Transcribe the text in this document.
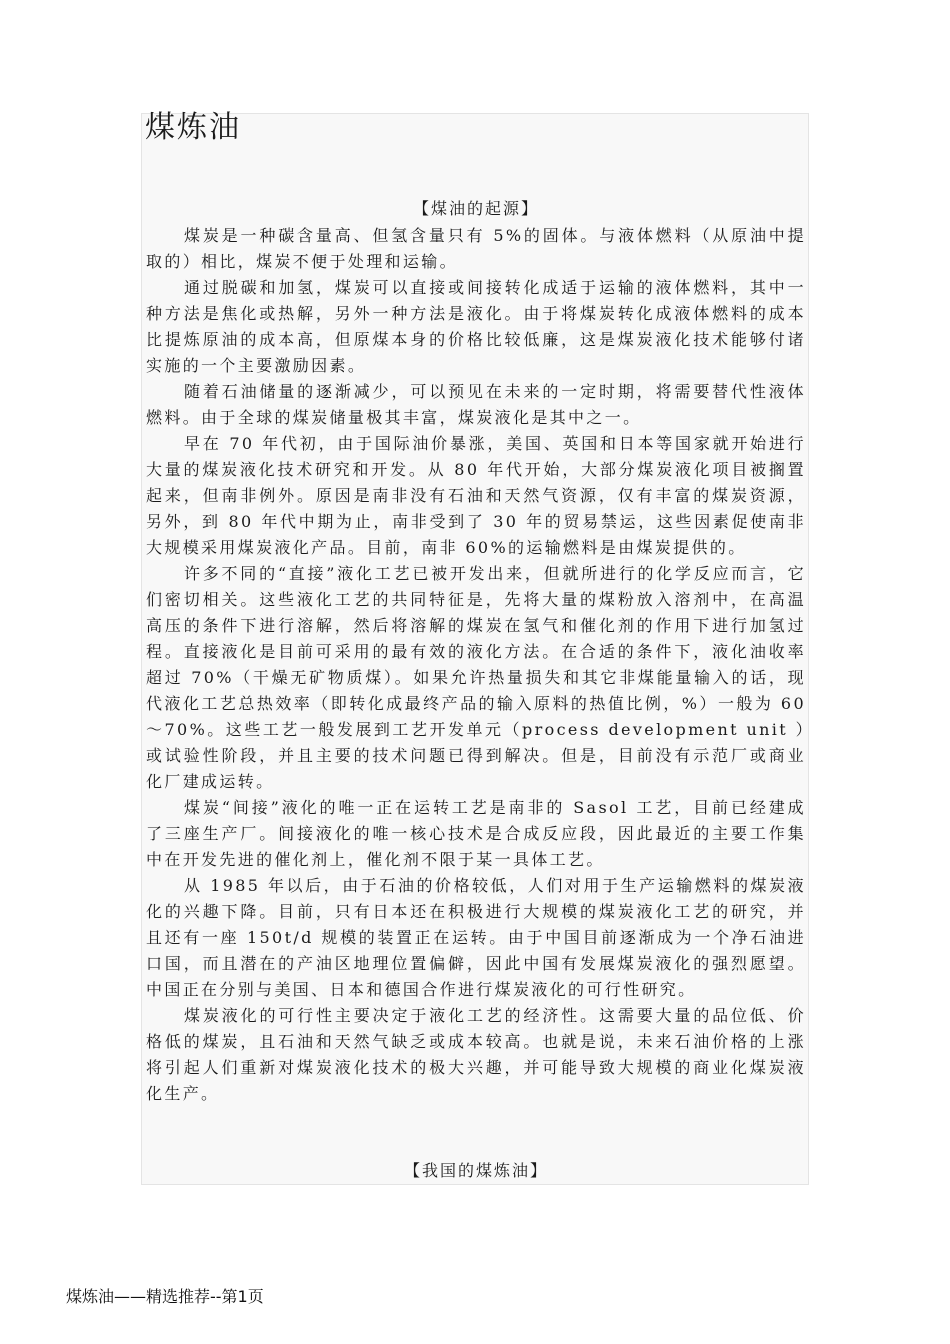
煤炼油
【煤油的起源】

煤炭是一种碳含量高、但氢含量只有 5%的固体。与液体燃料（从原油中提取的）相比，煤炭不便于处理和运输。

通过脱碳和加氢，煤炭可以直接或间接转化成适于运输的液体燃料，其中一种方法是焦化或热解，另外一种方法是液化。由于将煤炭转化成液体燃料的成本比提炼原油的成本高，但原煤本身的价格比较低廉，这是煤炭液化技术能够付诸实施的一个主要激励因素。

随着石油储量的逐渐减少，可以预见在未来的一定时期，将需要替代性液体燃料。由于全球的煤炭储量极其丰富，煤炭液化是其中之一。

早在 70 年代初，由于国际油价暴涨，美国、英国和日本等国家就开始进行大量的煤炭液化技术研究和开发。从 80 年代开始，大部分煤炭液化项目被搁置起来，但南非例外。原因是南非没有石油和天然气资源，仅有丰富的煤炭资源，另外，到 80 年代中期为止，南非受到了 30 年的贸易禁运，这些因素促使南非大规模采用煤炭液化产品。目前，南非 60%的运输燃料是由煤炭提供的。

许多不同的“直接”液化工艺已被开发出来，但就所进行的化学反应而言，它们密切相关。这些液化工艺的共同特征是，先将大量的煤粉放入溶剂中，在高温高压的条件下进行溶解，然后将溶解的煤炭在氢气和催化剂的作用下进行加氢过程。直接液化是目前可采用的最有效的液化方法。在合适的条件下，液化油收率超过 70%（干燥无矿物质煤）。如果允许热量损失和其它非煤能量输入的话，现代液化工艺总热效率（即转化成最终产品的输入原料的热值比例，%）一般为 60～70%。这些工艺一般发展到工艺开发单元（process development unit ）或试验性阶段，并且主要的技术问题已得到解决。但是，目前没有示范厂或商业化厂建成运转。

煤炭“间接”液化的唯一正在运转工艺是南非的 Sasol 工艺，目前已经建成了三座生产厂。间接液化的唯一核心技术是合成反应段，因此最近的主要工作集中在开发先进的催化剂上，催化剂不限于某一具体工艺。

从 1985 年以后，由于石油的价格较低，人们对用于生产运输燃料的煤炭液化的兴趣下降。目前，只有日本还在积极进行大规模的煤炭液化工艺的研究，并且还有一座 150t/d 规模的装置正在运转。由于中国目前逐渐成为一个净石油进口国，而且潜在的产油区地理位置偏僻，因此中国有发展煤炭液化的强烈愿望。中国正在分别与美国、日本和德国合作进行煤炭液化的可行性研究。

煤炭液化的可行性主要决定于液化工艺的经济性。这需要大量的品位低、价格低的煤炭，且石油和天然气缺乏或成本较高。也就是说，未来石油价格的上涨将引起人们重新对煤炭液化技术的极大兴趣，并可能导致大规模的商业化煤炭液化生产。

【我国的煤炼油】
煤炼油——精选推荐--第1页
